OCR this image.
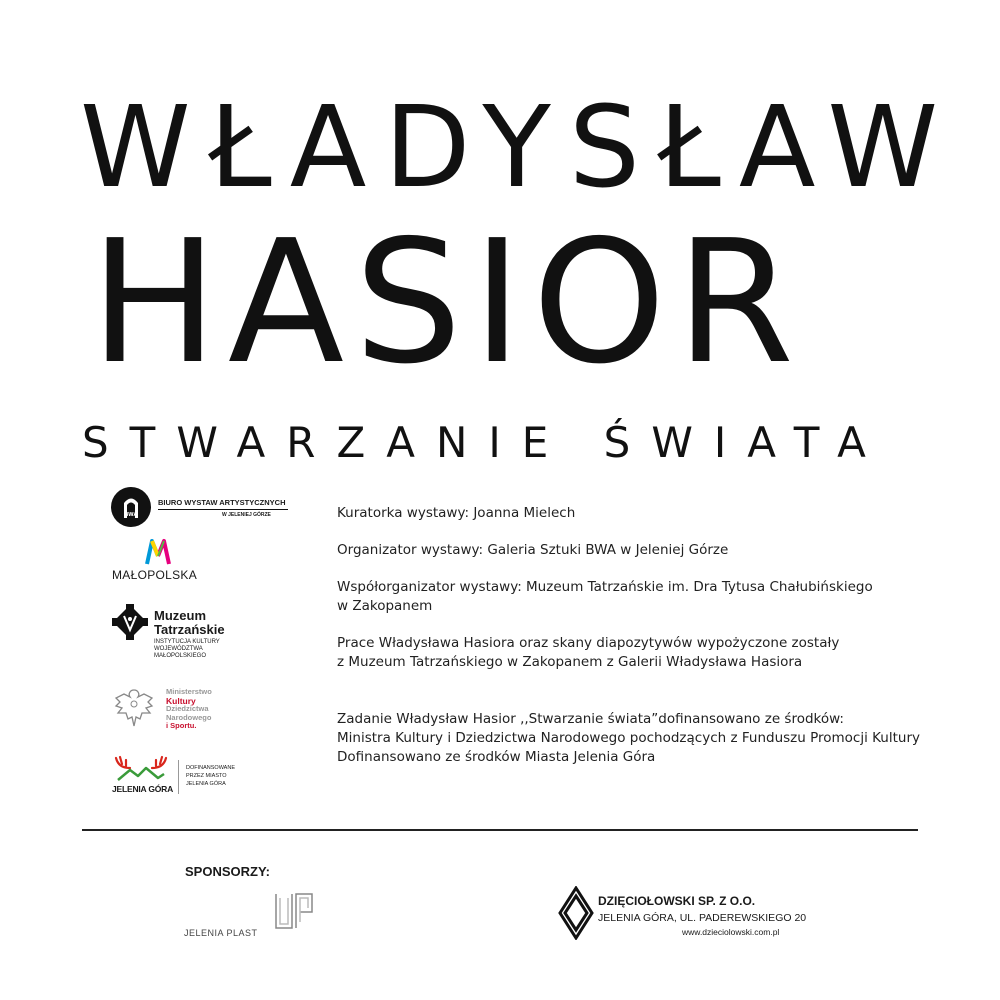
WŁADYSŁAW
HASIOR
STWARZANIE ŚWIATA
Kuratorka wystawy: Joanna Mielech
Organizator wystawy: Galeria Sztuki BWA w Jeleniej Górze
Współorganizator wystawy: Muzeum Tatrzańskie im. Dra Tytusa Chałubińskiego
w Zakopanem
Prace Władysława Hasiora oraz skany diapozytywów wypożyczone zostały
z Muzeum Tatrzańskiego w Zakopanem z Galerii Władysława Hasiora
Zadanie Władysław Hasior ,,Stwarzanie świata”dofinansowano ze środków:
Ministra Kultury i Dziedzictwa Narodowego pochodzących z Funduszu Promocji Kultury
Dofinansowano ze środków Miasta Jelenia Góra
BWA
BIURO WYSTAW ARTYSTYCZNYCH
W JELENIEJ GÓRZE
MAŁOPOLSKA
Muzeum
Tatrzańskie
INSTYTUCJA KULTURY
WOJEWÓDZTWA
MAŁOPOLSKIEGO
Ministerstwo
Kultury
Dziedzictwa
Narodowego
i Sportu.
JELENIA GÓRA
DOFINANSOWANE
PRZEZ MIASTO
JELENIA GÓRA
SPONSORZY:
JELENIA PLAST
DZIĘCIOŁOWSKI SP. Z O.O.
JELENIA GÓRA, UL. PADEREWSKIEGO 20
www.dzieciolowski.com.pl
